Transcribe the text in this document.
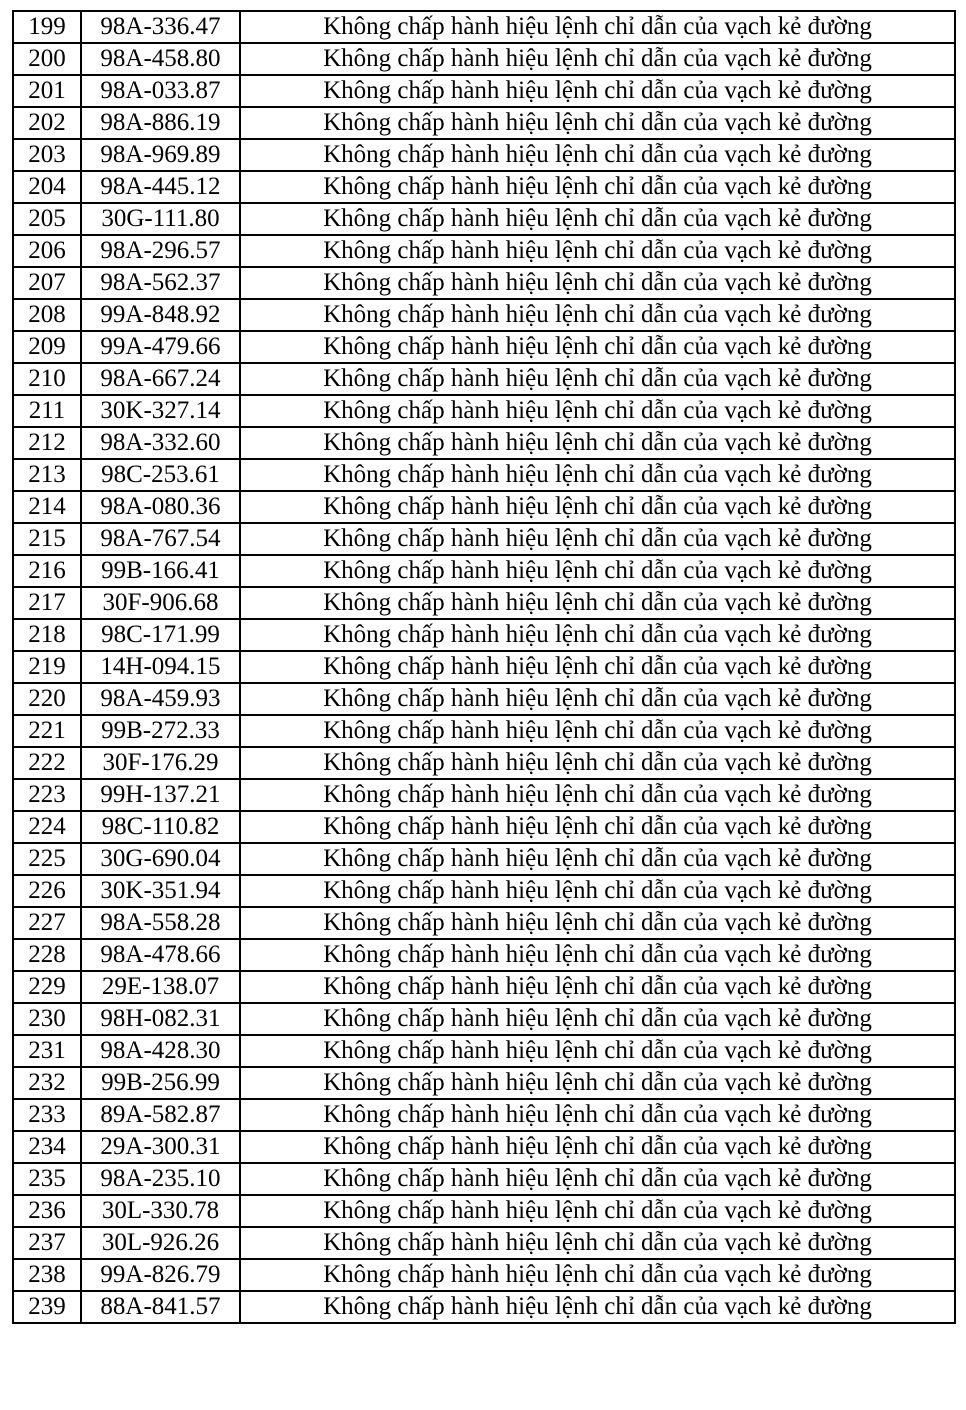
199	98A-336.47	Không chấp hành hiệu lệnh chỉ dẫn của vạch kẻ đường
200	98A-458.80	Không chấp hành hiệu lệnh chỉ dẫn của vạch kẻ đường
201	98A-033.87	Không chấp hành hiệu lệnh chỉ dẫn của vạch kẻ đường
202	98A-886.19	Không chấp hành hiệu lệnh chỉ dẫn của vạch kẻ đường
203	98A-969.89	Không chấp hành hiệu lệnh chỉ dẫn của vạch kẻ đường
204	98A-445.12	Không chấp hành hiệu lệnh chỉ dẫn của vạch kẻ đường
205	30G-111.80	Không chấp hành hiệu lệnh chỉ dẫn của vạch kẻ đường
206	98A-296.57	Không chấp hành hiệu lệnh chỉ dẫn của vạch kẻ đường
207	98A-562.37	Không chấp hành hiệu lệnh chỉ dẫn của vạch kẻ đường
208	99A-848.92	Không chấp hành hiệu lệnh chỉ dẫn của vạch kẻ đường
209	99A-479.66	Không chấp hành hiệu lệnh chỉ dẫn của vạch kẻ đường
210	98A-667.24	Không chấp hành hiệu lệnh chỉ dẫn của vạch kẻ đường
211	30K-327.14	Không chấp hành hiệu lệnh chỉ dẫn của vạch kẻ đường
212	98A-332.60	Không chấp hành hiệu lệnh chỉ dẫn của vạch kẻ đường
213	98C-253.61	Không chấp hành hiệu lệnh chỉ dẫn của vạch kẻ đường
214	98A-080.36	Không chấp hành hiệu lệnh chỉ dẫn của vạch kẻ đường
215	98A-767.54	Không chấp hành hiệu lệnh chỉ dẫn của vạch kẻ đường
216	99B-166.41	Không chấp hành hiệu lệnh chỉ dẫn của vạch kẻ đường
217	30F-906.68	Không chấp hành hiệu lệnh chỉ dẫn của vạch kẻ đường
218	98C-171.99	Không chấp hành hiệu lệnh chỉ dẫn của vạch kẻ đường
219	14H-094.15	Không chấp hành hiệu lệnh chỉ dẫn của vạch kẻ đường
220	98A-459.93	Không chấp hành hiệu lệnh chỉ dẫn của vạch kẻ đường
221	99B-272.33	Không chấp hành hiệu lệnh chỉ dẫn của vạch kẻ đường
222	30F-176.29	Không chấp hành hiệu lệnh chỉ dẫn của vạch kẻ đường
223	99H-137.21	Không chấp hành hiệu lệnh chỉ dẫn của vạch kẻ đường
224	98C-110.82	Không chấp hành hiệu lệnh chỉ dẫn của vạch kẻ đường
225	30G-690.04	Không chấp hành hiệu lệnh chỉ dẫn của vạch kẻ đường
226	30K-351.94	Không chấp hành hiệu lệnh chỉ dẫn của vạch kẻ đường
227	98A-558.28	Không chấp hành hiệu lệnh chỉ dẫn của vạch kẻ đường
228	98A-478.66	Không chấp hành hiệu lệnh chỉ dẫn của vạch kẻ đường
229	29E-138.07	Không chấp hành hiệu lệnh chỉ dẫn của vạch kẻ đường
230	98H-082.31	Không chấp hành hiệu lệnh chỉ dẫn của vạch kẻ đường
231	98A-428.30	Không chấp hành hiệu lệnh chỉ dẫn của vạch kẻ đường
232	99B-256.99	Không chấp hành hiệu lệnh chỉ dẫn của vạch kẻ đường
233	89A-582.87	Không chấp hành hiệu lệnh chỉ dẫn của vạch kẻ đường
234	29A-300.31	Không chấp hành hiệu lệnh chỉ dẫn của vạch kẻ đường
235	98A-235.10	Không chấp hành hiệu lệnh chỉ dẫn của vạch kẻ đường
236	30L-330.78	Không chấp hành hiệu lệnh chỉ dẫn của vạch kẻ đường
237	30L-926.26	Không chấp hành hiệu lệnh chỉ dẫn của vạch kẻ đường
238	99A-826.79	Không chấp hành hiệu lệnh chỉ dẫn của vạch kẻ đường
239	88A-841.57	Không chấp hành hiệu lệnh chỉ dẫn của vạch kẻ đường
